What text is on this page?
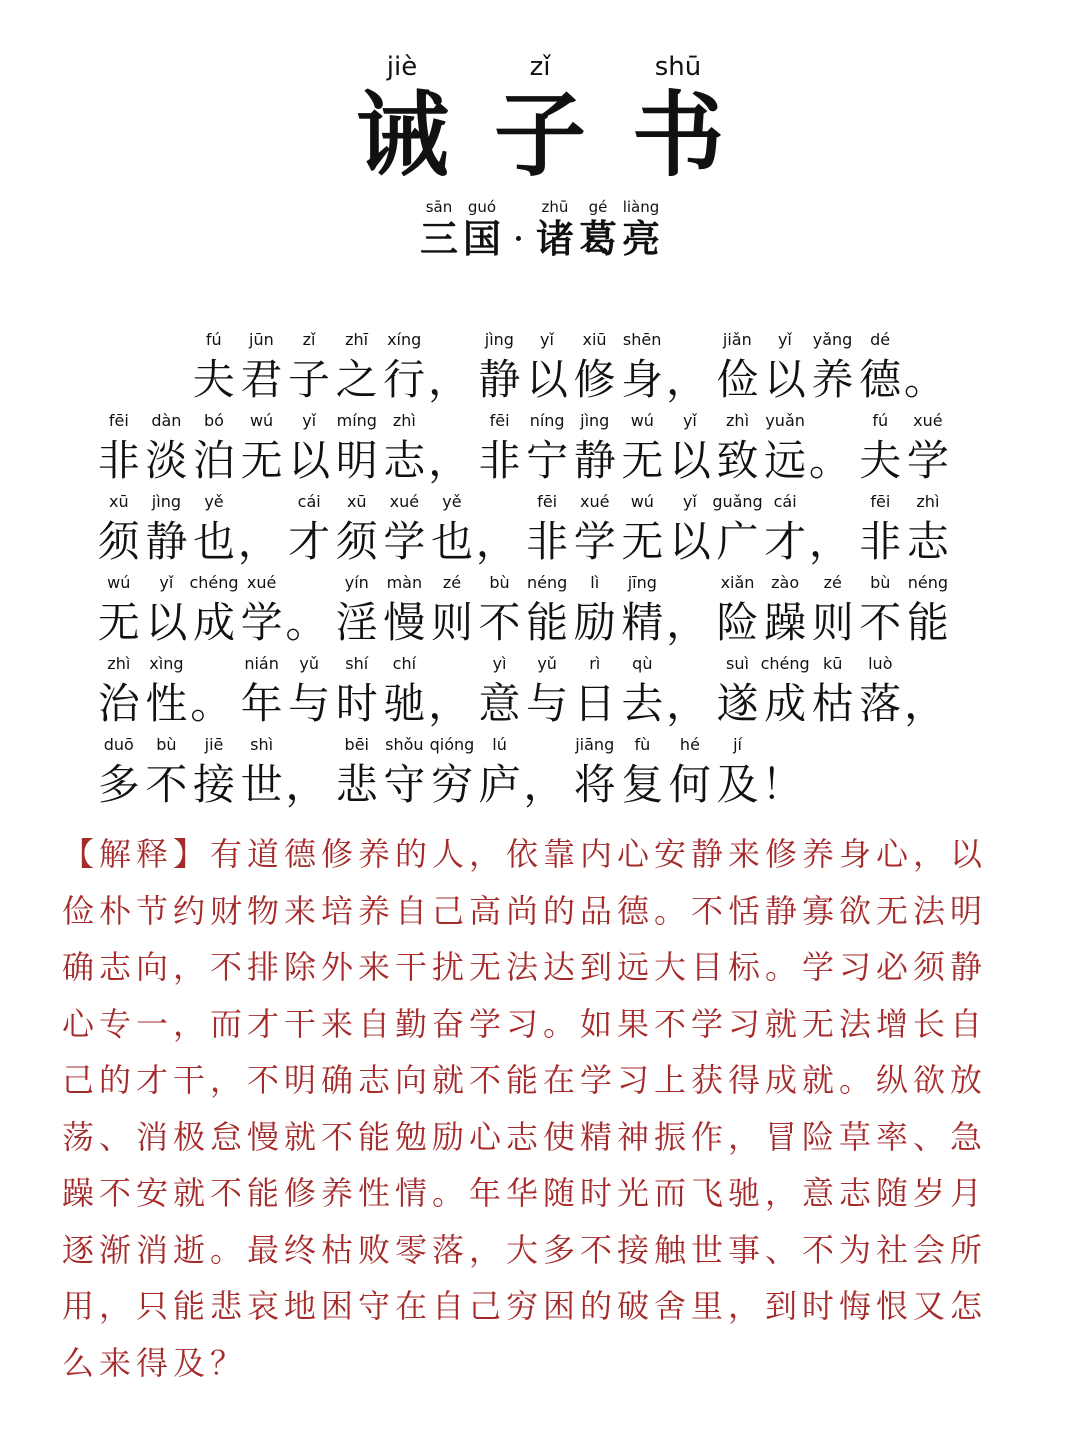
jiè
诫
zǐ
子
shū
书
sān
三
guó
国 ·
zhū
诸
gé
葛
liàng
亮
fú
夫
jūn
君
zǐ
子
zhī
之
xíng
行 ，
jìng
静
yǐ
以
xiū
修
shēn
身 ，
jiǎn
俭
yǐ
以
yǎng
养
dé
德 。
fēi
非
dàn
淡
bó
泊
wú
无
yǐ
以
míng
明
zhì
志 ，
fēi
非
níng
宁
jìng
静
wú
无
yǐ
以
zhì
致
yuǎn
远 。
fú
夫
xué
学
xū
须
jìng
静
yě
也 ，
cái
才
xū
须
xué
学
yě
也 ，
fēi
非
xué
学
wú
无
yǐ
以
guǎng
广
cái
才 ，
fēi
非
zhì
志
wú
无
yǐ
以
chéng
成
xué
学 。
yín
淫
màn
慢
zé
则
bù
不
néng
能
lì
励
jīng
精 ，
xiǎn
险
zào
躁
zé
则
bù
不
néng
能
zhì
治
xìng
性 。
nián
年
yǔ
与
shí
时
chí
驰 ，
yì
意
yǔ
与
rì
日
qù
去 ，
suì
遂
chéng
成
kū
枯
luò
落 ，
duō
多
bù
不
jiē
接
shì
世 ，
bēi
悲
shǒu
守
qióng
穷
lú
庐 ，
jiāng
将
fù
复
hé
何
jí
及 ！
【解释】有道德修养的人，依靠内心安静来修养身心，以
俭朴节约财物来培养自己高尚的品德。不恬静寡欲无法明
确志向，不排除外来干扰无法达到远大目标。学习必须静
心专一，而才干来自勤奋学习。如果不学习就无法增长自
己的才干，不明确志向就不能在学习上获得成就。纵欲放
荡、消极怠慢就不能勉励心志使精神振作，冒险草率、急
躁不安就不能修养性情。年华随时光而飞驰，意志随岁月
逐渐消逝。最终枯败零落，大多不接触世事、不为社会所
用，只能悲哀地困守在自己穷困的破舍里，到时悔恨又怎
么来得及？
